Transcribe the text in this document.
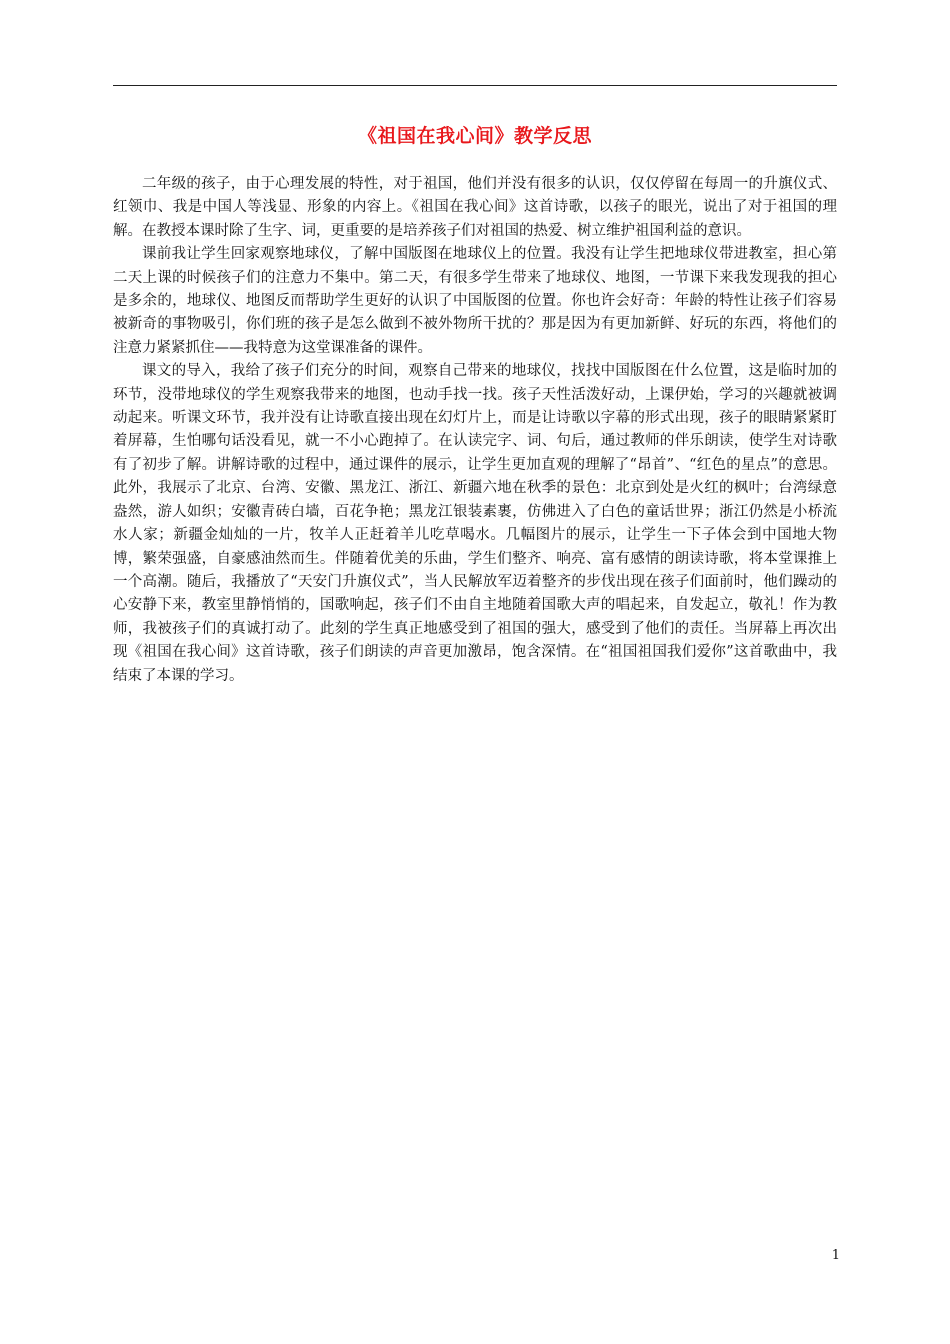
《祖国在我心间》教学反思

二年级的孩子，由于心理发展的特性，对于祖国，他们并没有很多的认识，仅仅停留在每周一的升旗仪式、红领巾、我是中国人等浅显、形象的内容上。《祖国在我心间》这首诗歌，以孩子的眼光，说出了对于祖国的理解。在教授本课时除了生字、词，更重要的是培养孩子们对祖国的热爱、树立维护祖国利益的意识。

课前我让学生回家观察地球仪，了解中国版图在地球仪上的位置。我没有让学生把地球仪带进教室，担心第二天上课的时候孩子们的注意力不集中。第二天，有很多学生带来了地球仪、地图，一节课下来我发现我的担心是多余的，地球仪、地图反而帮助学生更好的认识了中国版图的位置。你也许会好奇：年龄的特性让孩子们容易被新奇的事物吸引，你们班的孩子是怎么做到不被外物所干扰的？那是因为有更加新鲜、好玩的东西，将他们的注意力紧紧抓住——我特意为这堂课准备的课件。

课文的导入，我给了孩子们充分的时间，观察自己带来的地球仪，找找中国版图在什么位置，这是临时加的环节，没带地球仪的学生观察我带来的地图，也动手找一找。孩子天性活泼好动，上课伊始，学习的兴趣就被调动起来。听课文环节，我并没有让诗歌直接出现在幻灯片上，而是让诗歌以字幕的形式出现，孩子的眼睛紧紧盯着屏幕，生怕哪句话没看见，就一不小心跑掉了。在认读完字、词、句后，通过教师的伴乐朗读，使学生对诗歌有了初步了解。讲解诗歌的过程中，通过课件的展示，让学生更加直观的理解了“昂首”、“红色的星点”的意思。此外，我展示了北京、台湾、安徽、黑龙江、浙江、新疆六地在秋季的景色：北京到处是火红的枫叶；台湾绿意盎然，游人如织；安徽青砖白墙，百花争艳；黑龙江银装素裹，仿佛进入了白色的童话世界；浙江仍然是小桥流水人家；新疆金灿灿的一片，牧羊人正赶着羊儿吃草喝水。几幅图片的展示，让学生一下子体会到中国地大物博，繁荣强盛，自豪感油然而生。伴随着优美的乐曲，学生们整齐、响亮、富有感情的朗读诗歌，将本堂课推上一个高潮。随后，我播放了“天安门升旗仪式”，当人民解放军迈着整齐的步伐出现在孩子们面前时，他们躁动的心安静下来，教室里静悄悄的，国歌响起，孩子们不由自主地随着国歌大声的唱起来，自发起立，敬礼！作为教师，我被孩子们的真诚打动了。此刻的学生真正地感受到了祖国的强大，感受到了他们的责任。当屏幕上再次出现《祖国在我心间》这首诗歌，孩子们朗读的声音更加激昂，饱含深情。在“祖国祖国我们爱你”这首歌曲中，我结束了本课的学习。

1
